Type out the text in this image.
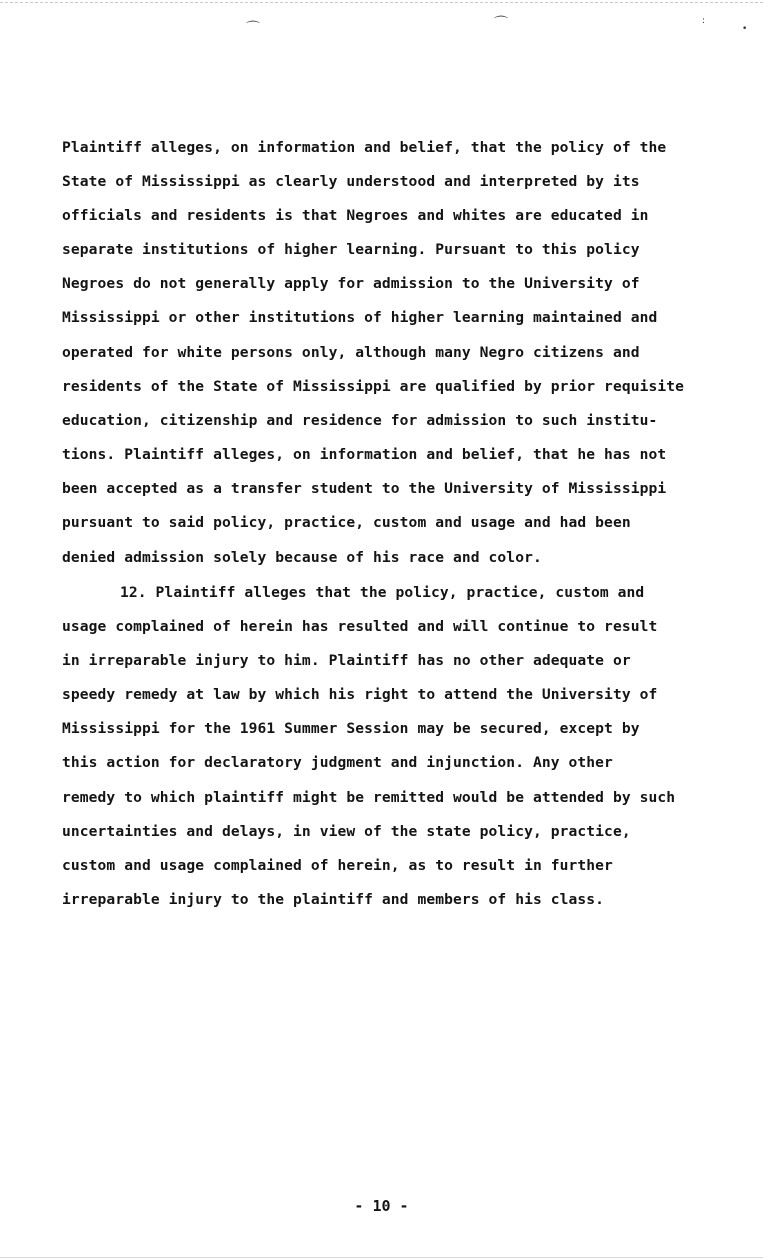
⌒	⌒	:
•
Plaintiff alleges, on information and belief, that the policy of the
State of Mississippi as clearly understood and interpreted by its
officials and residents is that Negroes and whites are educated in
separate institutions of higher learning. Pursuant to this policy
Negroes do not generally apply for admission to the University of
Mississippi or other institutions of higher learning maintained and
operated for white persons only, although many Negro citizens and
residents of the State of Mississippi are qualified by prior requisite
education, citizenship and residence for admission to such institu-
tions. Plaintiff alleges, on information and belief, that he has not
been accepted as a transfer student to the University of Mississippi
pursuant to said policy, practice, custom and usage and had been
denied admission solely because of his race and color.
12. Plaintiff alleges that the policy, practice, custom and
usage complained of herein has resulted and will continue to result
in irreparable injury to him. Plaintiff has no other adequate or
speedy remedy at law by which his right to attend the University of
Mississippi for the 1961 Summer Session may be secured, except by
this action for declaratory judgment and injunction. Any other
remedy to which plaintiff might be remitted would be attended by such
uncertainties and delays, in view of the state policy, practice,
custom and usage complained of herein, as to result in further
irreparable injury to the plaintiff and members of his class.
- 10 -
